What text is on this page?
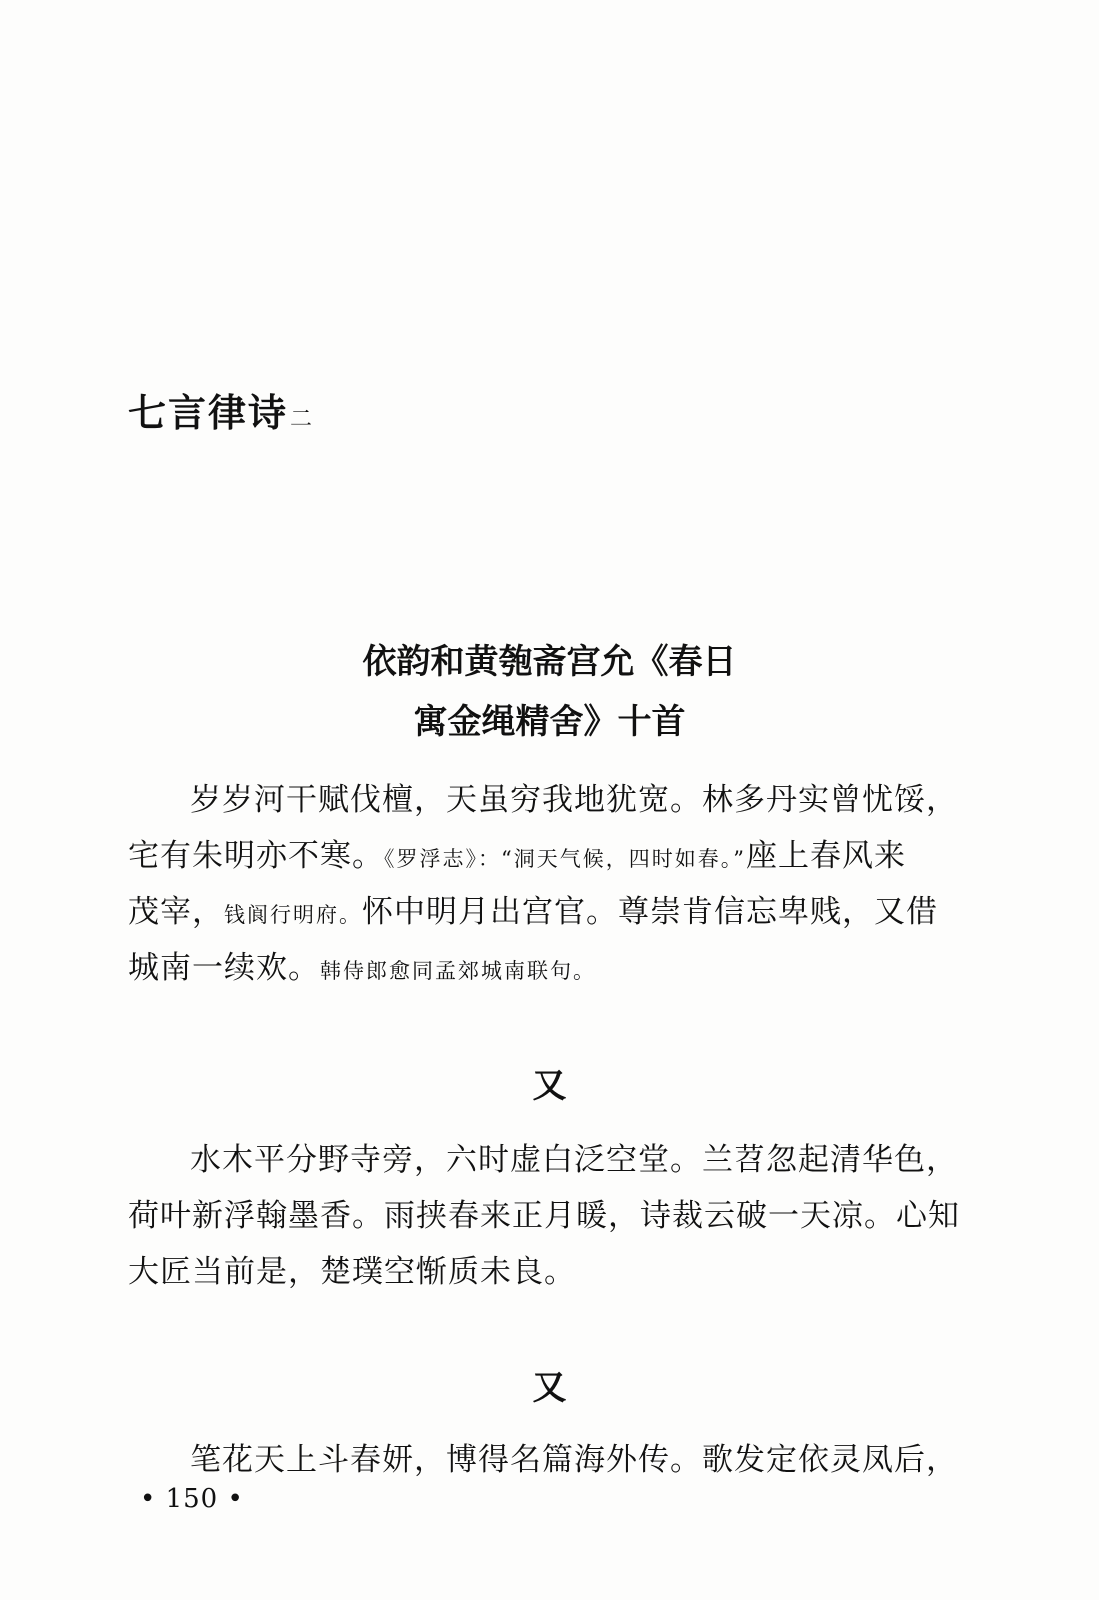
七言律诗二
依韵和黄匏斋宫允《春日
寓金绳精舍》十首
岁岁河干赋伐檀，天虽穷我地犹宽。林多丹实曾忧馁，
宅有朱明亦不寒。《罗浮志》：“洞天气候，四时如春。”座上春风来
茂宰，钱阆行明府。怀中明月出宫官。尊崇肯信忘卑贱，又借
城南一续欢。韩侍郎愈同孟郊城南联句。
又
水木平分野寺旁，六时虚白泛空堂。兰苕忽起清华色，
荷叶新浮翰墨香。雨挟春来正月暖，诗裁云破一天凉。心知
大匠当前是，楚璞空惭质未良。
又
笔花天上斗春妍，博得名篇海外传。歌发定依灵凤后，
• 150 •
